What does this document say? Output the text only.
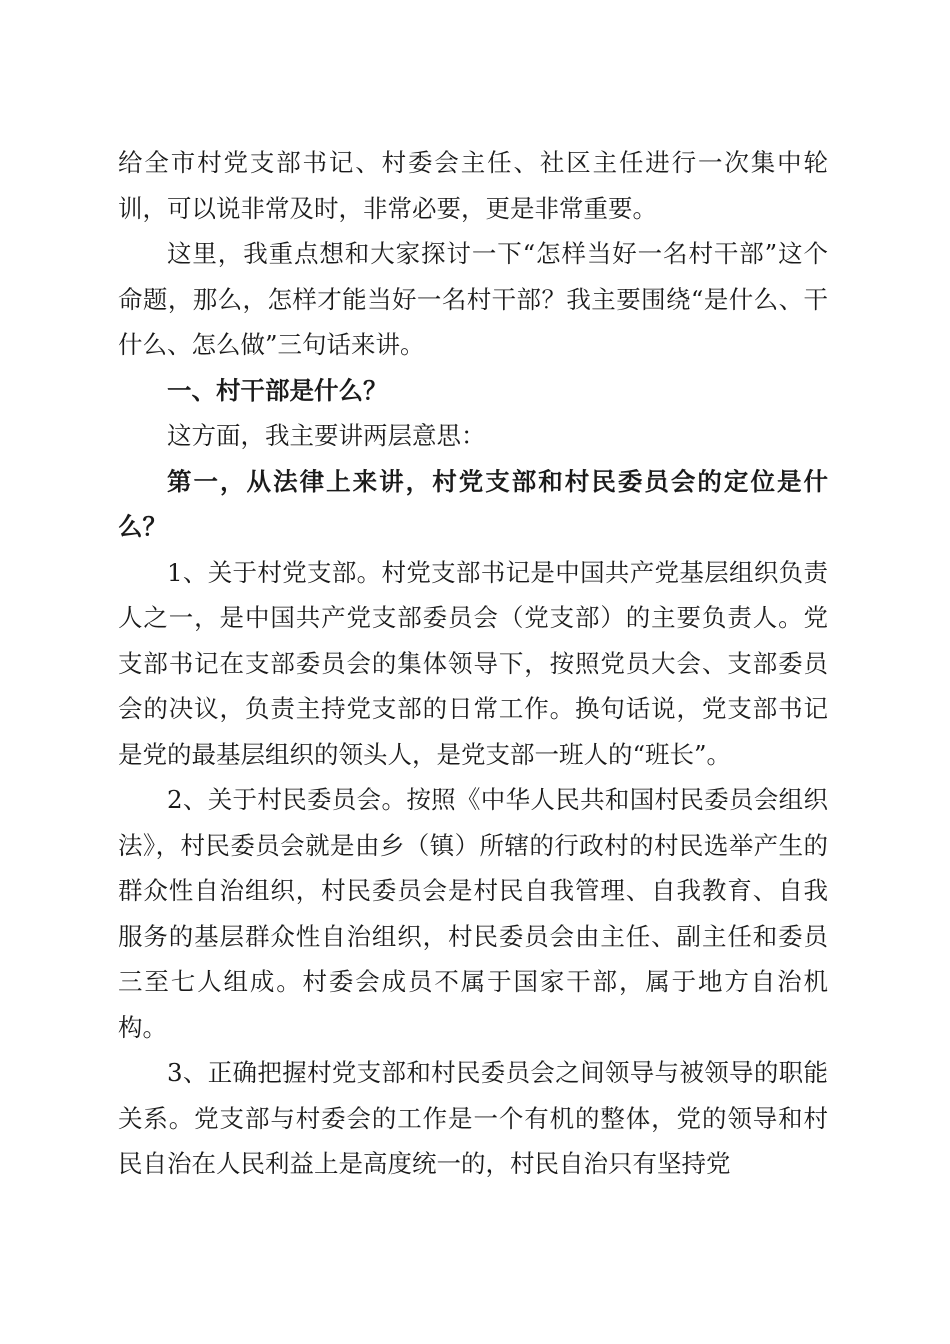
给全市村党支部书记、村委会主任、社区主任进行一次集中轮训，可以说非常及时，非常必要，更是非常重要。

这里，我重点想和大家探讨一下“怎样当好一名村干部”这个命题，那么，怎样才能当好一名村干部？我主要围绕“是什么、干什么、怎么做”三句话来讲。

一、村干部是什么？

这方面，我主要讲两层意思：

第一，从法律上来讲，村党支部和村民委员会的定位是什么？

1、关于村党支部。村党支部书记是中国共产党基层组织负责人之一，是中国共产党支部委员会（党支部）的主要负责人。党支部书记在支部委员会的集体领导下，按照党员大会、支部委员会的决议，负责主持党支部的日常工作。换句话说，党支部书记是党的最基层组织的领头人，是党支部一班人的“班长”。

2、关于村民委员会。按照《中华人民共和国村民委员会组织法》，村民委员会就是由乡（镇）所辖的行政村的村民选举产生的群众性自治组织，村民委员会是村民自我管理、自我教育、自我服务的基层群众性自治组织，村民委员会由主任、副主任和委员三至七人组成。村委会成员不属于国家干部，属于地方自治机构。

3、正确把握村党支部和村民委员会之间领导与被领导的职能关系。党支部与村委会的工作是一个有机的整体，党的领导和村民自治在人民利益上是高度统一的，村民自治只有坚持党
